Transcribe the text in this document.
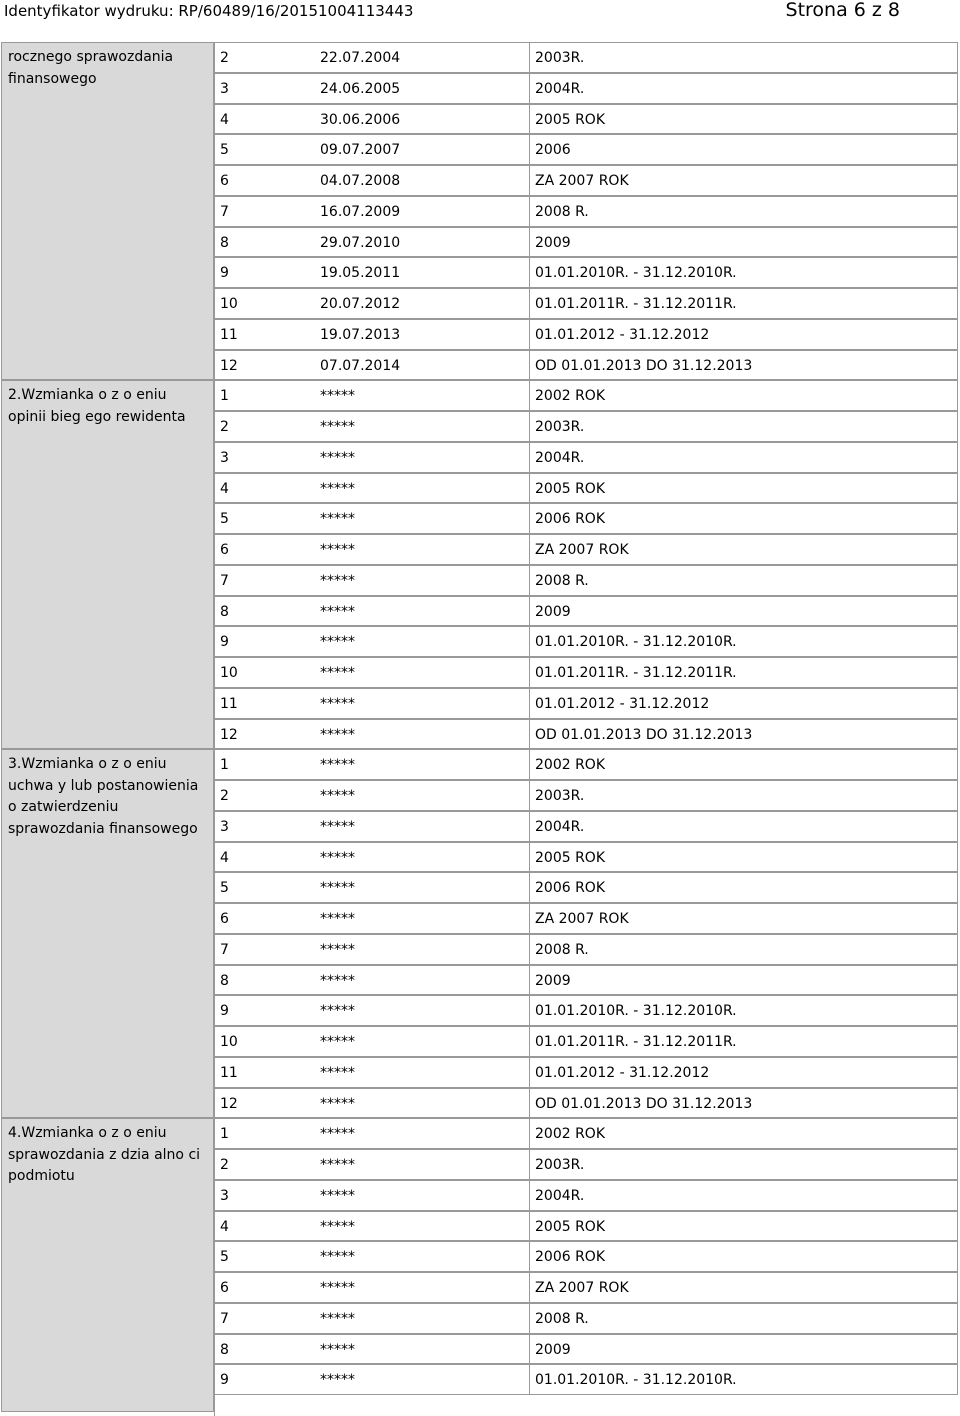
Identyfikator wydruku: RP/60489/16/20151004113443	Strona 6 z 8
rocznego sprawozdania finansowego
2	22.07.2004	2003R.
3	24.06.2005	2004R.
4	30.06.2006	2005 ROK
5	09.07.2007	2006
6	04.07.2008	ZA 2007 ROK
7	16.07.2009	2008 R.
8	29.07.2010	2009
9	19.05.2011	01.01.2010R. - 31.12.2010R.
10	20.07.2012	01.01.2011R. - 31.12.2011R.
11	19.07.2013	01.01.2012 - 31.12.2012
12	07.07.2014	OD 01.01.2013 DO 31.12.2013
2.Wzmianka o z o eniu opinii bieg ego rewidenta
1	*****	2002 ROK
2	*****	2003R.
3	*****	2004R.
4	*****	2005 ROK
5	*****	2006 ROK
6	*****	ZA 2007 ROK
7	*****	2008 R.
8	*****	2009
9	*****	01.01.2010R. - 31.12.2010R.
10	*****	01.01.2011R. - 31.12.2011R.
11	*****	01.01.2012 - 31.12.2012
12	*****	OD 01.01.2013 DO 31.12.2013
3.Wzmianka o z o eniu uchwa y lub postanowienia o zatwierdzeniu sprawozdania finansowego
1	*****	2002 ROK
2	*****	2003R.
3	*****	2004R.
4	*****	2005 ROK
5	*****	2006 ROK
6	*****	ZA 2007 ROK
7	*****	2008 R.
8	*****	2009
9	*****	01.01.2010R. - 31.12.2010R.
10	*****	01.01.2011R. - 31.12.2011R.
11	*****	01.01.2012 - 31.12.2012
12	*****	OD 01.01.2013 DO 31.12.2013
4.Wzmianka o z o eniu sprawozdania z dzia alno ci podmiotu
1	*****	2002 ROK
2	*****	2003R.
3	*****	2004R.
4	*****	2005 ROK
5	*****	2006 ROK
6	*****	ZA 2007 ROK
7	*****	2008 R.
8	*****	2009
9	*****	01.01.2010R. - 31.12.2010R.
